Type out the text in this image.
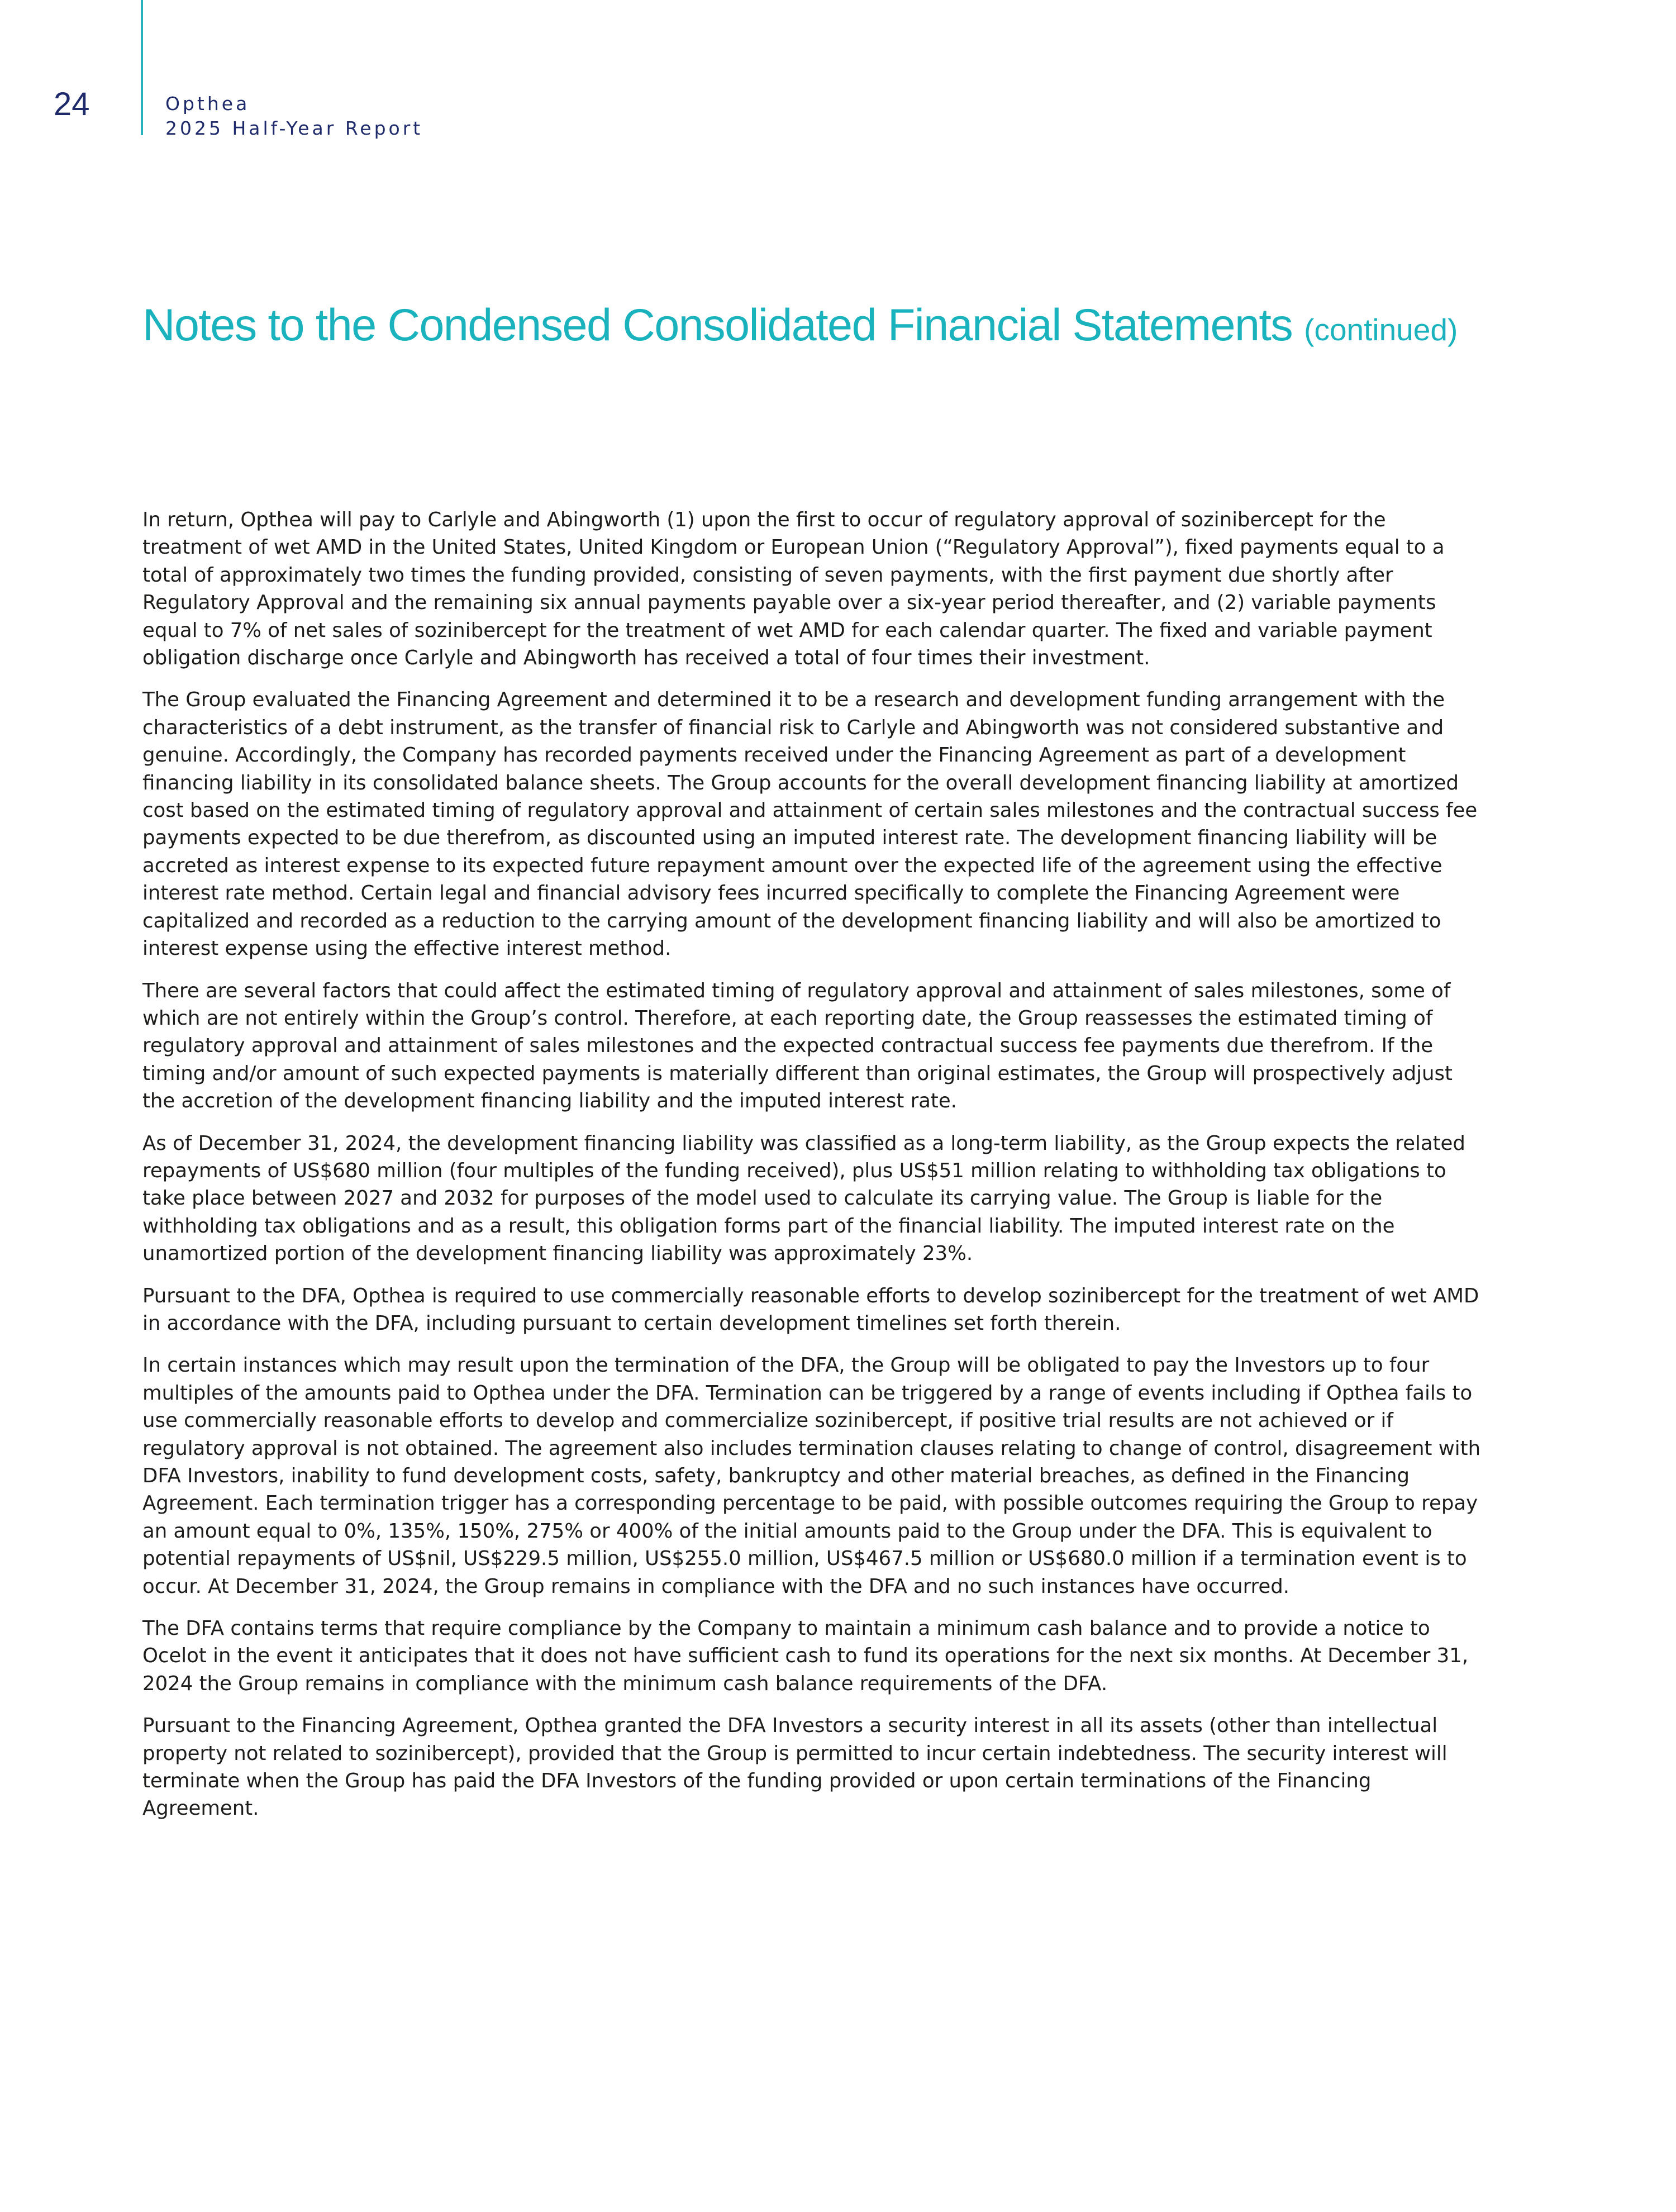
24	Opthea
2025 Half-Year Report
Notes to the Condensed Consolidated Financial Statements (continued)

In return, Opthea will pay to Carlyle and Abingworth (1) upon the first to occur of regulatory approval of sozinibercept for the treatment of wet AMD in the United States, United Kingdom or European Union (“Regulatory Approval”), fixed payments equal to a total of approximately two times the funding provided, consisting of seven payments, with the first payment due shortly after Regulatory Approval and the remaining six annual payments payable over a six-year period thereafter, and (2) variable payments equal to 7% of net sales of sozinibercept for the treatment of wet AMD for each calendar quarter. The fixed and variable payment obligation discharge once Carlyle and Abingworth has received a total of four times their investment.

The Group evaluated the Financing Agreement and determined it to be a research and development funding arrangement with the characteristics of a debt instrument, as the transfer of financial risk to Carlyle and Abingworth was not considered substantive and genuine. Accordingly, the Company has recorded payments received under the Financing Agreement as part of a development financing liability in its consolidated balance sheets. The Group accounts for the overall development financing liability at amortized cost based on the estimated timing of regulatory approval and attainment of certain sales milestones and the contractual success fee payments expected to be due therefrom, as discounted using an imputed interest rate. The development financing liability will be accreted as interest expense to its expected future repayment amount over the expected life of the agreement using the effective interest rate method. Certain legal and financial advisory fees incurred specifically to complete the Financing Agreement were capitalized and recorded as a reduction to the carrying amount of the development financing liability and will also be amortized to interest expense using the effective interest method.

There are several factors that could affect the estimated timing of regulatory approval and attainment of sales milestones, some of which are not entirely within the Group’s control. Therefore, at each reporting date, the Group reassesses the estimated timing of regulatory approval and attainment of sales milestones and the expected contractual success fee payments due therefrom. If the timing and/or amount of such expected payments is materially different than original estimates, the Group will prospectively adjust the accretion of the development financing liability and the imputed interest rate.

As of December 31, 2024, the development financing liability was classified as a long-term liability, as the Group expects the related repayments of US$680 million (four multiples of the funding received), plus US$51 million relating to withholding tax obligations to take place between 2027 and 2032 for purposes of the model used to calculate its carrying value. The Group is liable for the withholding tax obligations and as a result, this obligation forms part of the financial liability. The imputed interest rate on the unamortized portion of the development financing liability was approximately 23%.

Pursuant to the DFA, Opthea is required to use commercially reasonable efforts to develop sozinibercept for the treatment of wet AMD in accordance with the DFA, including pursuant to certain development timelines set forth therein.

In certain instances which may result upon the termination of the DFA, the Group will be obligated to pay the Investors up to four multiples of the amounts paid to Opthea under the DFA. Termination can be triggered by a range of events including if Opthea fails to use commercially reasonable efforts to develop and commercialize sozinibercept, if positive trial results are not achieved or if regulatory approval is not obtained. The agreement also includes termination clauses relating to change of control, disagreement with DFA Investors, inability to fund development costs, safety, bankruptcy and other material breaches, as defined in the Financing Agreement. Each termination trigger has a corresponding percentage to be paid, with possible outcomes requiring the Group to repay an amount equal to 0%, 135%, 150%, 275% or 400% of the initial amounts paid to the Group under the DFA. This is equivalent to potential repayments of US$nil, US$229.5 million, US$255.0 million, US$467.5 million or US$680.0 million if a termination event is to occur. At December 31, 2024, the Group remains in compliance with the DFA and no such instances have occurred.

The DFA contains terms that require compliance by the Company to maintain a minimum cash balance and to provide a notice to Ocelot in the event it anticipates that it does not have sufficient cash to fund its operations for the next six months. At December 31, 2024 the Group remains in compliance with the minimum cash balance requirements of the DFA.

Pursuant to the Financing Agreement, Opthea granted the DFA Investors a security interest in all its assets (other than intellectual property not related to sozinibercept), provided that the Group is permitted to incur certain indebtedness. The security interest will terminate when the Group has paid the DFA Investors of the funding provided or upon certain terminations of the Financing Agreement.
